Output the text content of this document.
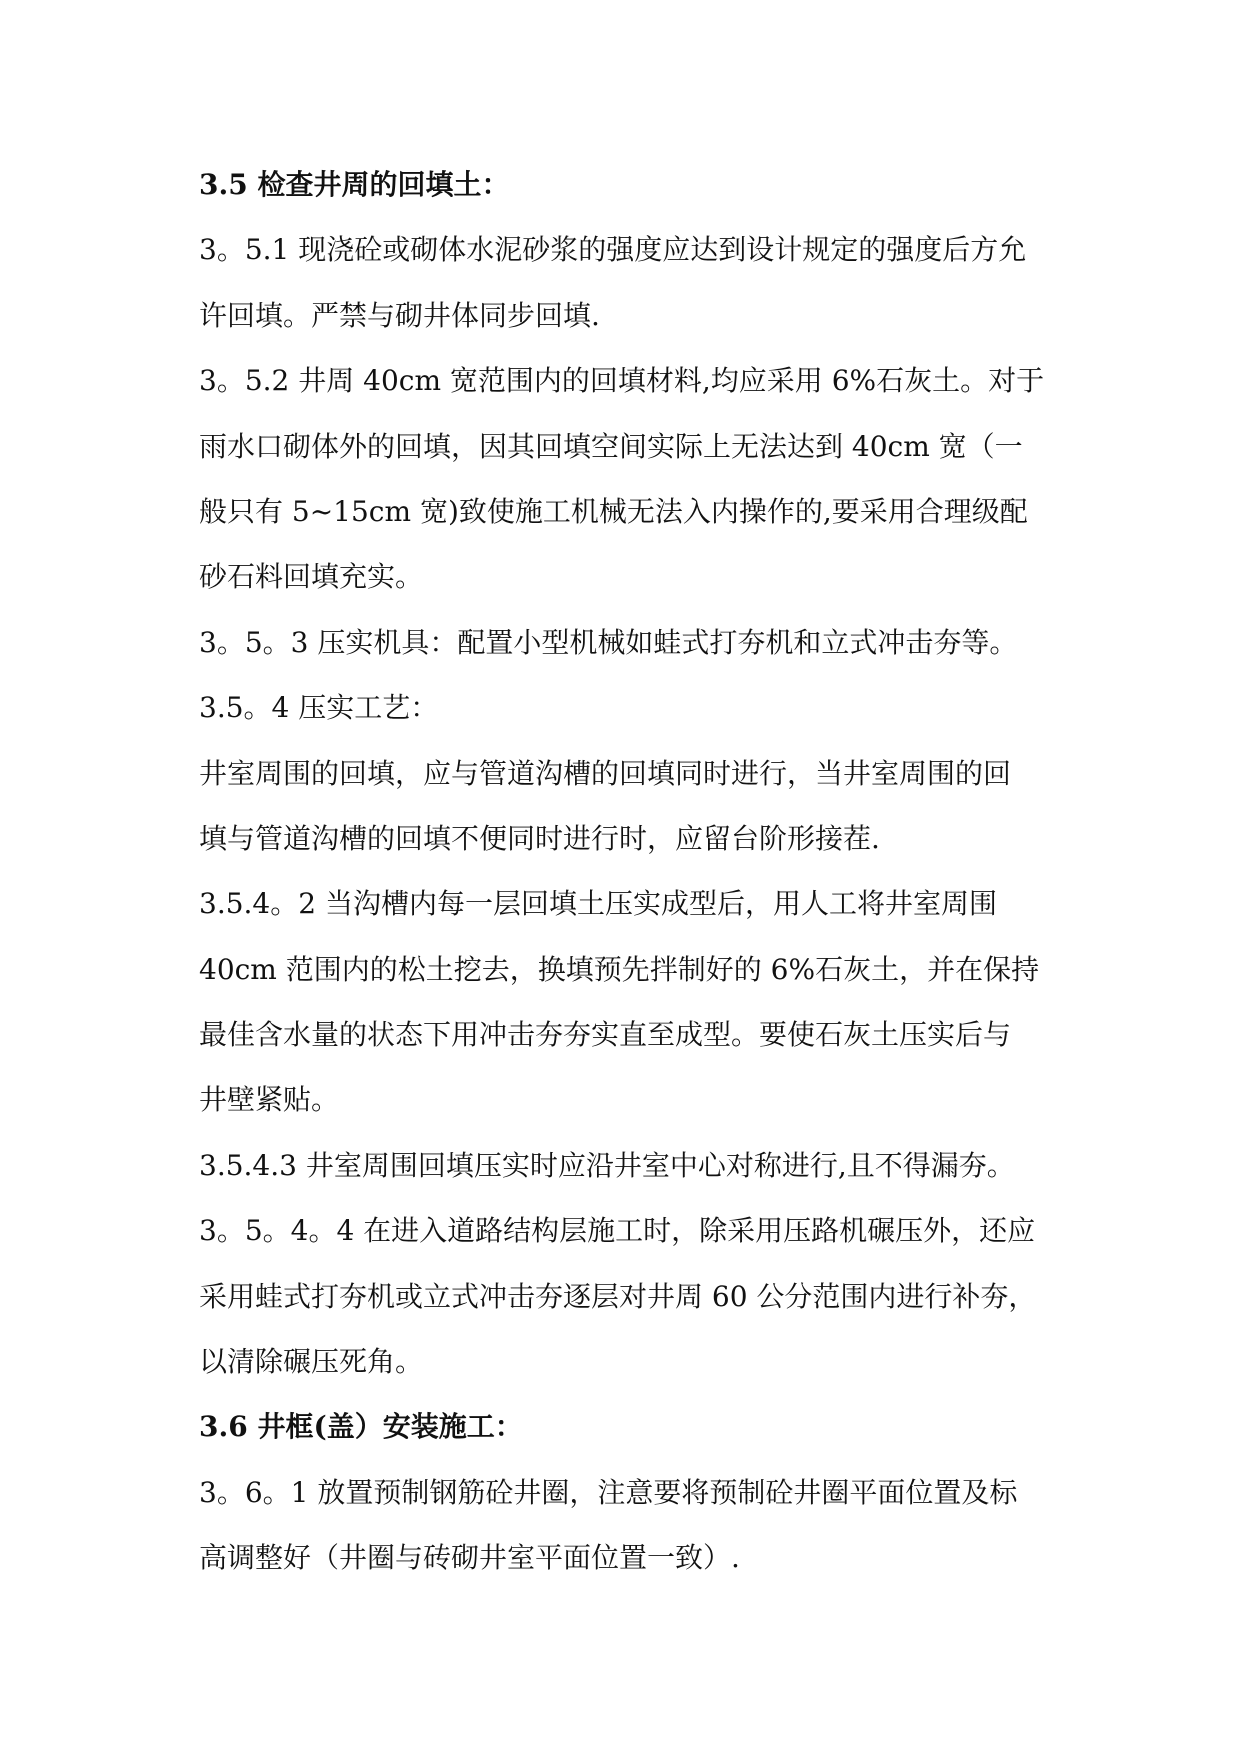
3.5 检查井周的回填土：
3。5.1 现浇砼或砌体水泥砂浆的强度应达到设计规定的强度后方允
许回填。严禁与砌井体同步回填.
3。5.2 井周 40cm 宽范围内的回填材料,均应采用 6%石灰土。对于
雨水口砌体外的回填，因其回填空间实际上无法达到 40cm 宽（一
般只有 5~15cm 宽)致使施工机械无法入内操作的,要采用合理级配
砂石料回填充实。
3。5。3 压实机具：配置小型机械如蛙式打夯机和立式冲击夯等。
3.5。4 压实工艺：
井室周围的回填，应与管道沟槽的回填同时进行，当井室周围的回
填与管道沟槽的回填不便同时进行时，应留台阶形接茬.
3.5.4。2 当沟槽内每一层回填土压实成型后，用人工将井室周围
40cm 范围内的松土挖去，换填预先拌制好的 6%石灰土，并在保持
最佳含水量的状态下用冲击夯夯实直至成型。要使石灰土压实后与
井壁紧贴。
3.5.4.3 井室周围回填压实时应沿井室中心对称进行,且不得漏夯。
3。5。4。4 在进入道路结构层施工时，除采用压路机碾压外，还应
采用蛙式打夯机或立式冲击夯逐层对井周 60 公分范围内进行补夯，
以清除碾压死角。
3.6 井框(盖）安装施工：
3。6。1 放置预制钢筋砼井圈，注意要将预制砼井圈平面位置及标
高调整好（井圈与砖砌井室平面位置一致）.
